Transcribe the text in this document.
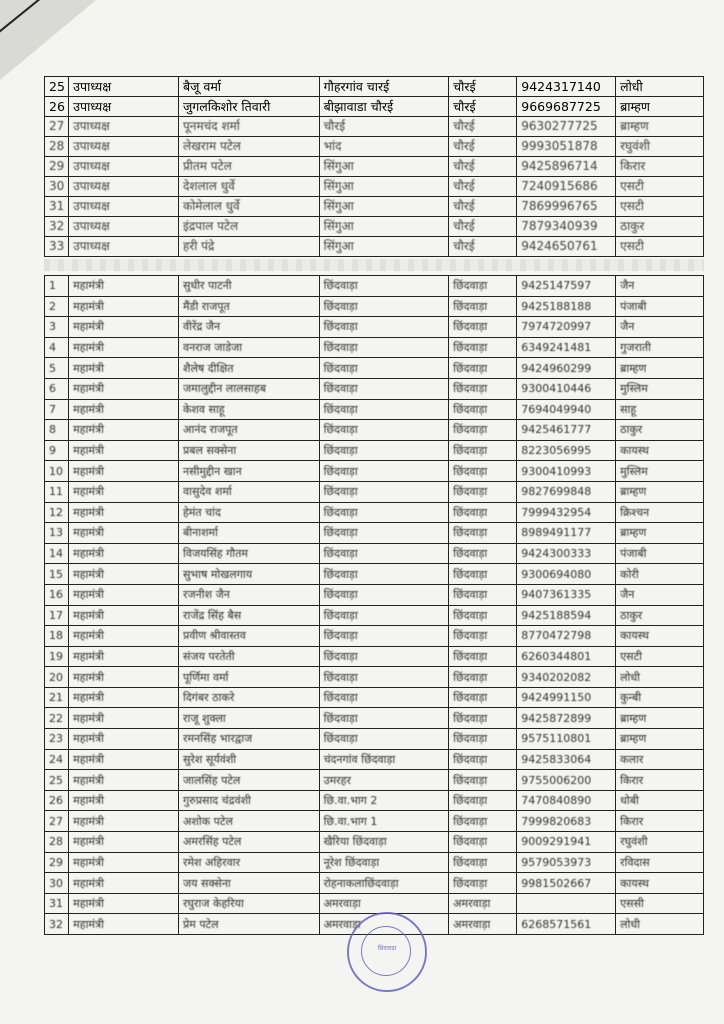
25	उपाध्यक्ष	बैजू वर्मा	गौहरगांव चारई	चौरई	9424317140	लोधी
26	उपाध्यक्ष	जुगलकिशोर तिवारी	बीझावाडा चौरई	चौरई	9669687725	ब्राम्हण
27	उपाध्यक्ष	पूनमचंद शर्मा	चौरई	चौरई	9630277725	ब्राम्हण
28	उपाध्यक्ष	लेखराम पटेल	भांद	चौरई	9993051878	रघुवंशी
29	उपाध्यक्ष	प्रीतम पटेल	सिंगुआ	चौरई	9425896714	किरार
30	उपाध्यक्ष	देशलाल धुर्वे	सिंगुआ	चौरई	7240915686	एसटी
31	उपाध्यक्ष	कोमेलाल धुर्वे	सिंगुआ	चौरई	7869996765	एसटी
32	उपाध्यक्ष	इंद्रपाल पटेल	सिंगुआ	चौरई	7879340939	ठाकुर
33	उपाध्यक्ष	हरी पंद्रे	सिंगुआ	चौरई	9424650761	एसटी
1	महामंत्री	सुधीर पाटनी	छिंदवाड़ा	छिंदवाड़ा	9425147597	जैन
2	महामंत्री	मैंडी राजपूत	छिंदवाड़ा	छिंदवाड़ा	9425188188	पंजाबी
3	महामंत्री	वीरेंद्र जैन	छिंदवाड़ा	छिंदवाड़ा	7974720997	जैन
4	महामंत्री	वनराज जाडेजा	छिंदवाड़ा	छिंदवाड़ा	6349241481	गुजराती
5	महामंत्री	शैलेष दीक्षित	छिंदवाड़ा	छिंदवाड़ा	9424960299	ब्राम्हण
6	महामंत्री	जमालुद्दीन लालसाहब	छिंदवाड़ा	छिंदवाड़ा	9300410446	मुस्लिम
7	महामंत्री	केशव साहू	छिंदवाड़ा	छिंदवाड़ा	7694049940	साहू
8	महामंत्री	आनंद राजपूत	छिंदवाड़ा	छिंदवाड़ा	9425461777	ठाकुर
9	महामंत्री	प्रबल सक्सेना	छिंदवाड़ा	छिंदवाड़ा	8223056995	कायस्थ
10	महामंत्री	नसीमुद्दीन खान	छिंदवाड़ा	छिंदवाड़ा	9300410993	मुस्लिम
11	महामंत्री	वासुदेव शर्मा	छिंदवाड़ा	छिंदवाड़ा	9827699848	ब्राम्हण
12	महामंत्री	हेमंत चांद	छिंदवाड़ा	छिंदवाड़ा	7999432954	क्रिश्चन
13	महामंत्री	बीनाशर्मा	छिंदवाड़ा	छिंदवाड़ा	8989491177	ब्राम्हण
14	महामंत्री	विजयसिंह गौतम	छिंदवाड़ा	छिंदवाड़ा	9424300333	पंजाबी
15	महामंत्री	सुभाष मोखलगाय	छिंदवाड़ा	छिंदवाड़ा	9300694080	कोरी
16	महामंत्री	रजनीश जैन	छिंदवाड़ा	छिंदवाड़ा	9407361335	जैन
17	महामंत्री	राजेंद्र सिंह बैस	छिंदवाड़ा	छिंदवाड़ा	9425188594	ठाकुर
18	महामंत्री	प्रवीण श्रीवास्तव	छिंदवाड़ा	छिंदवाड़ा	8770472798	कायस्थ
19	महामंत्री	संजय परतेती	छिंदवाड़ा	छिंदवाड़ा	6260344801	एसटी
20	महामंत्री	पूर्णिमा वर्मा	छिंदवाड़ा	छिंदवाड़ा	9340202082	लोधी
21	महामंत्री	दिगंबर ठाकरे	छिंदवाड़ा	छिंदवाड़ा	9424991150	कुन्बी
22	महामंत्री	राजू शुक्ला	छिंदवाड़ा	छिंदवाड़ा	9425872899	ब्राम्हण
23	महामंत्री	रमनसिंह भारद्वाज	छिंदवाड़ा	छिंदवाड़ा	9575110801	ब्राम्हण
24	महामंत्री	सुरेश सूर्यवंशी	चंदनगांव छिंदवाड़ा	छिंदवाड़ा	9425833064	कलार
25	महामंत्री	जालसिंह पटेल	उमरहर	छिंदवाड़ा	9755006200	किरार
26	महामंत्री	गुरुप्रसाद चंद्रवंशी	छि.वा.भाग 2	छिंदवाड़ा	7470840890	धोबी
27	महामंत्री	अशोक पटेल	छि.वा.भाग 1	छिंदवाड़ा	7999820683	किरार
28	महामंत्री	अमरसिंह पटेल	खैरिया छिंदवाड़ा	छिंदवाड़ा	9009291941	रघुवंशी
29	महामंत्री	रमेश अहिरवार	नूरेश छिंदवाड़ा	छिंदवाड़ा	9579053973	रविदास
30	महामंत्री	जय सक्सेना	रोहनाकलाछिंदवाड़ा	छिंदवाड़ा	9981502667	कायस्थ
31	महामंत्री	रघुराज केहरिया	अमरवाड़ा	अमरवाड़ा		एससी
32	महामंत्री	प्रेम पटेल	अमरवाड़ा	अमरवाड़ा	6268571561	लोधी
छिंदवाड़ा
